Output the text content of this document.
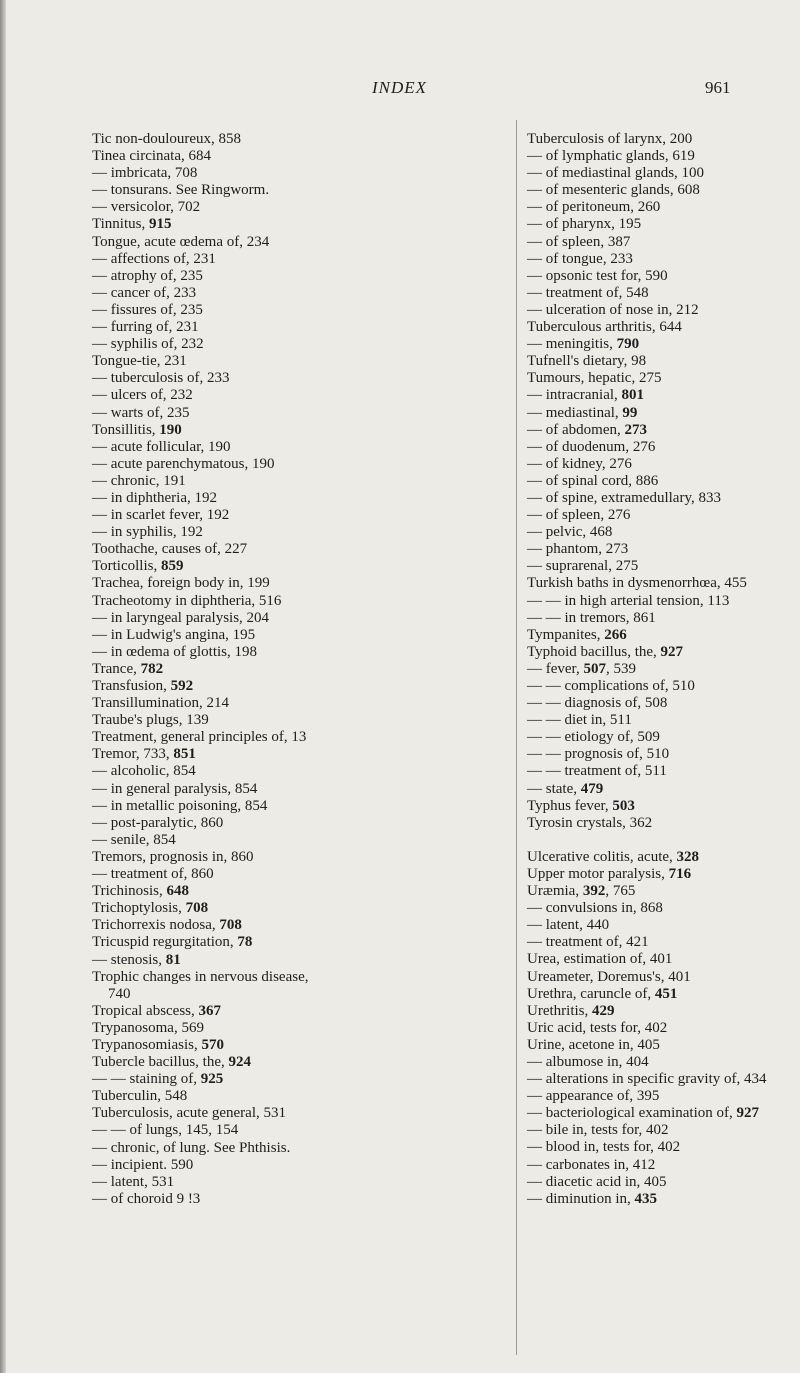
INDEX	961
Tic non-douloureux, 858
Tinea circinata, 684
— imbricata, 708
— tonsurans. See Ringworm.
— versicolor, 702
Tinnitus, 915
Tongue, acute œdema of, 234
— affections of, 231
— atrophy of, 235
— cancer of, 233
— fissures of, 235
— furring of, 231
— syphilis of, 232
Tongue-tie, 231
— tuberculosis of, 233
— ulcers of, 232
— warts of, 235
Tonsillitis, 190
— acute follicular, 190
— acute parenchymatous, 190
— chronic, 191
— in diphtheria, 192
— in scarlet fever, 192
— in syphilis, 192
Toothache, causes of, 227
Torticollis, 859
Trachea, foreign body in, 199
Tracheotomy in diphtheria, 516
— in laryngeal paralysis, 204
— in Ludwig's angina, 195
— in œdema of glottis, 198
Trance, 782
Transfusion, 592
Transillumination, 214
Traube's plugs, 139
Treatment, general principles of, 13
Tremor, 733, 851
— alcoholic, 854
— in general paralysis, 854
— in metallic poisoning, 854
— post-paralytic, 860
— senile, 854
Tremors, prognosis in, 860
— treatment of, 860
Trichinosis, 648
Trichoptylosis, 708
Trichorrexis nodosa, 708
Tricuspid regurgitation, 78
— stenosis, 81
Trophic changes in nervous disease,
740
Tropical abscess, 367
Trypanosoma, 569
Trypanosomiasis, 570
Tubercle bacillus, the, 924
— — staining of, 925
Tuberculin, 548
Tuberculosis, acute general, 531
— — of lungs, 145, 154
— chronic, of lung. See Phthisis.
— incipient. 590
— latent, 531
— of choroid 9 !3
Tuberculosis of larynx, 200
— of lymphatic glands, 619
— of mediastinal glands, 100
— of mesenteric glands, 608
— of peritoneum, 260
— of pharynx, 195
— of spleen, 387
— of tongue, 233
— opsonic test for, 590
— treatment of, 548
— ulceration of nose in, 212
Tuberculous arthritis, 644
— meningitis, 790
Tufnell's dietary, 98
Tumours, hepatic, 275
— intracranial, 801
— mediastinal, 99
— of abdomen, 273
— of duodenum, 276
— of kidney, 276
— of spinal cord, 886
— of spine, extramedullary, 833
— of spleen, 276
— pelvic, 468
— phantom, 273
— suprarenal, 275
Turkish baths in dysmenorrhœa, 455
— — in high arterial tension, 113
— — in tremors, 861
Tympanites, 266
Typhoid bacillus, the, 927
— fever, 507, 539
— — complications of, 510
— — diagnosis of, 508
— — diet in, 511
— — etiology of, 509
— — prognosis of, 510
— — treatment of, 511
— state, 479
Typhus fever, 503
Tyrosin crystals, 362
Ulcerative colitis, acute, 328
Upper motor paralysis, 716
Uræmia, 392, 765
— convulsions in, 868
— latent, 440
— treatment of, 421
Urea, estimation of, 401
Ureameter, Doremus's, 401
Urethra, caruncle of, 451
Urethritis, 429
Uric acid, tests for, 402
Urine, acetone in, 405
— albumose in, 404
— alterations in specific gravity of, 434
— appearance of, 395
— bacteriological examination of, 927
— bile in, tests for, 402
— blood in, tests for, 402
— carbonates in, 412
— diacetic acid in, 405
— diminution in, 435
